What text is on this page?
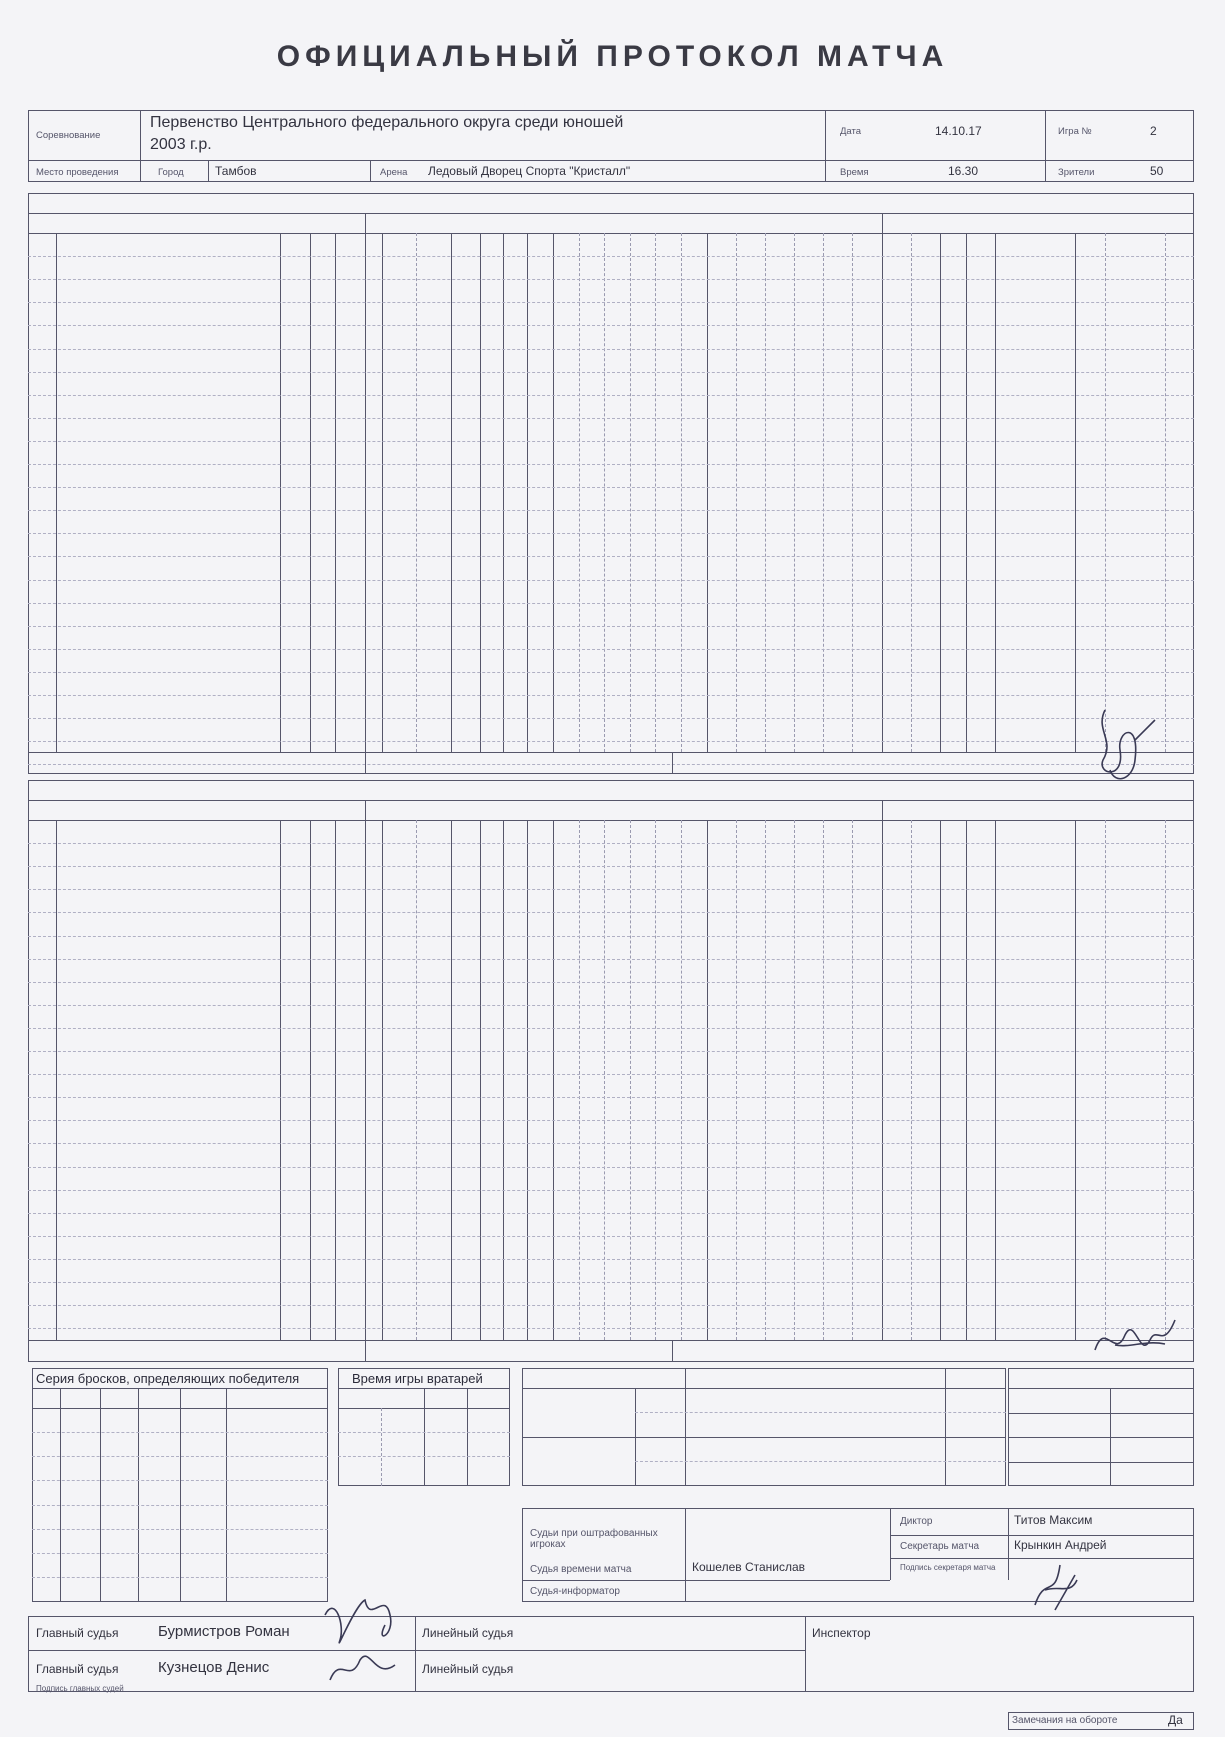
ОФИЦИАЛЬНЫЙ ПРОТОКОЛ МАТЧА
Соревнование
Первенство Центрального федерального округа среди юношей
2003 г.р.
Дата	14.10.17	Игра №	2
Место проведения	Город	Тамбов	Арена Ледовый Дворец Спорта "Кристалл"	Время	16.30	Зрители	50
Серия бросков, определяющих победителя	Время игры вратарей
Судьи при оштрафованных игроках
Судья времени матча	Кошелев Станислав
Судья-информатор
Диктор	Титов Максим
Секретарь матча	Крынкин Андрей
Подпись секретаря матча
Главный судья	Бурмистров Роман
Главный судья	Кузнецов Денис
Линейный судья
Линейный судья
Инспектор
Подпись главных судей
Замечания на обороте	Да
